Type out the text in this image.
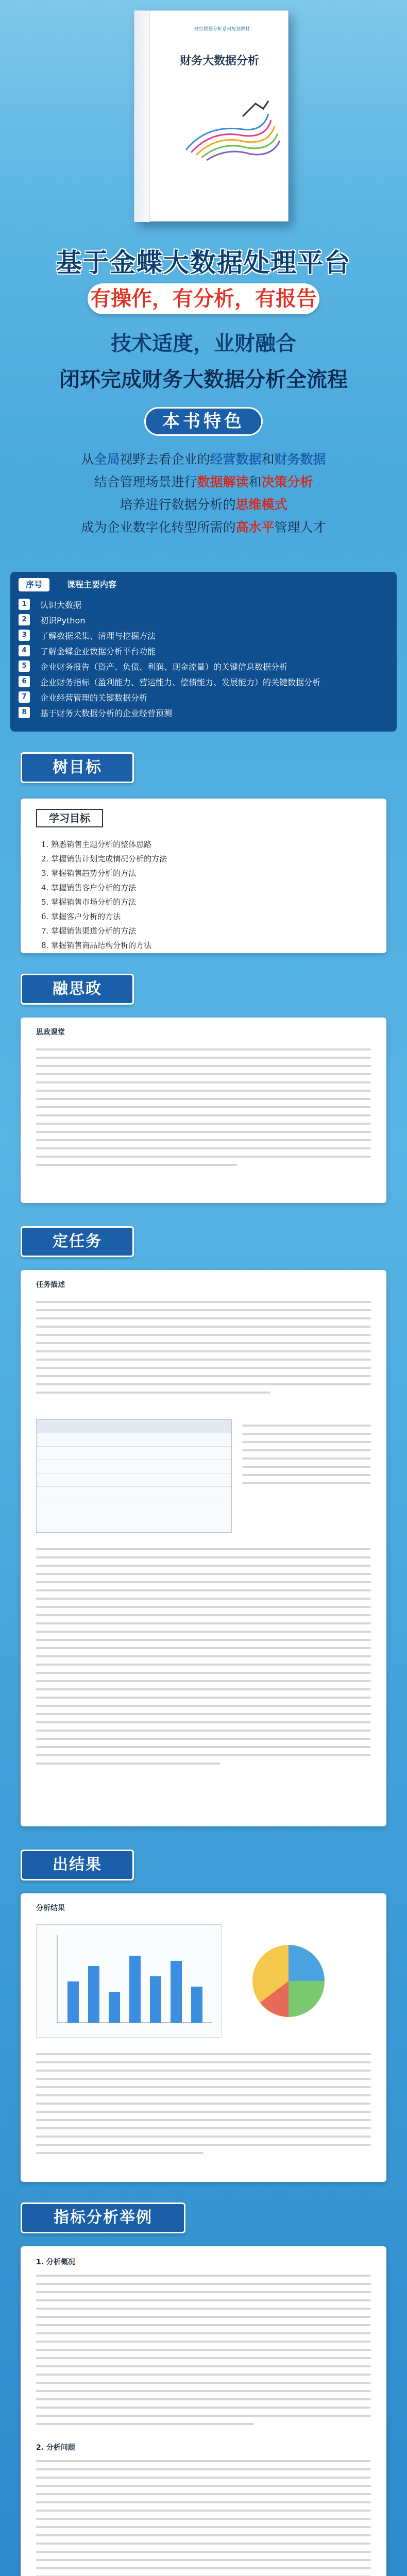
财经数据分析系列规划教材
财务大数据分析
基于金蝶大数据处理平台
有操作，有分析，有报告
技术适度，业财融合
闭环完成财务大数据分析全流程
本书特色
从全局视野去看企业的经营数据和财务数据
结合管理场景进行数据解读和决策分析
培养进行数据分析的思维模式
成为企业数字化转型所需的高水平管理人才
序号	课程主要内容
1	认识大数据
2	初识Python
3	了解数据采集、清理与挖掘方法
4	了解金蝶企业数据分析平台功能
5	企业财务报告（资产、负债、利润、现金流量）的关键信息数据分析
6	企业财务指标（盈利能力、营运能力、偿债能力、发展能力）的关键数据分析
7	企业经营管理的关键数据分析
8	基于财务大数据分析的企业经营预测
树目标
学习目标
1. 熟悉销售主题分析的整体思路
2. 掌握销售计划完成情况分析的方法
3. 掌握销售趋势分析的方法
4. 掌握销售客户分析的方法
5. 掌握销售市场分析的方法
6. 掌握客户分析的方法
7. 掌握销售渠道分析的方法
8. 掌握销售商品结构分析的方法
融思政
思政课堂
定任务
任务描述
出结果
分析结果
指标分析举例
1. 分析概况
2. 分析问题
